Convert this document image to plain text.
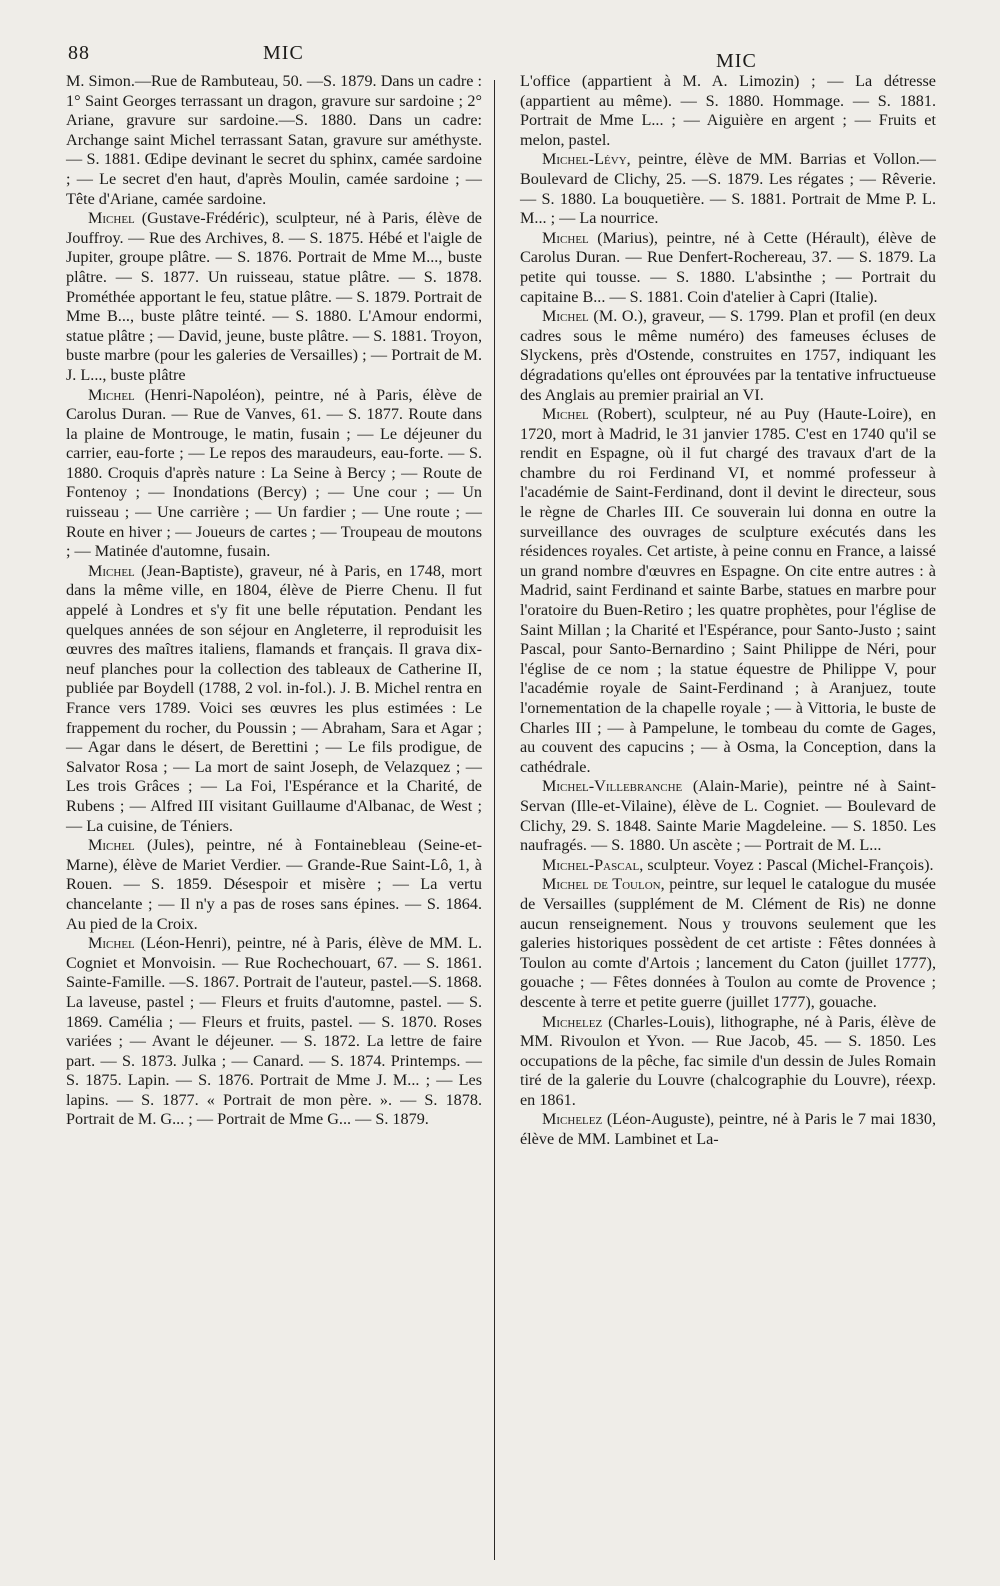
88	MIC	MIC

M. Simon.—Rue de Rambuteau, 50. —S. 1879. Dans un cadre : 1° Saint Georges terrassant un dragon, gravure sur sardoine ; 2° Ariane, gravure sur sardoine.—S. 1880. Dans un cadre: Archange saint Michel terrassant Satan, gravure sur améthyste. — S. 1881. Œdipe devinant le secret du sphinx, camée sardoine ; — Le secret d'en haut, d'après Moulin, camée sardoine ; — Tête d'Ariane, camée sardoine.

Michel (Gustave-Frédéric), sculpteur, né à Paris, élève de Jouffroy. — Rue des Archives, 8. — S. 1875. Hébé et l'aigle de Jupiter, groupe plâtre. — S. 1876. Portrait de Mme M..., buste plâtre. — S. 1877. Un ruisseau, statue plâtre. — S. 1878. Prométhée apportant le feu, statue plâtre. — S. 1879. Portrait de Mme B..., buste plâtre teinté. — S. 1880. L'Amour endormi, statue plâtre ; — David, jeune, buste plâtre. — S. 1881. Troyon, buste marbre (pour les galeries de Versailles) ; — Portrait de M. J. L..., buste plâtre

Michel (Henri-Napoléon), peintre, né à Paris, élève de Carolus Duran. — Rue de Vanves, 61. — S. 1877. Route dans la plaine de Montrouge, le matin, fusain ; — Le déjeuner du carrier, eau-forte ; — Le repos des maraudeurs, eau-forte. — S. 1880. Croquis d'après nature : La Seine à Bercy ; — Route de Fontenoy ; — Inondations (Bercy) ; — Une cour ; — Un ruisseau ; — Une carrière ; — Un fardier ; — Une route ; — Route en hiver ; — Joueurs de cartes ; — Troupeau de moutons ; — Matinée d'automne, fusain.

Michel (Jean-Baptiste), graveur, né à Paris, en 1748, mort dans la même ville, en 1804, élève de Pierre Chenu. Il fut appelé à Londres et s'y fit une belle réputation. Pendant les quelques années de son séjour en Angleterre, il reproduisit les œuvres des maîtres italiens, flamands et français. Il grava dix-neuf planches pour la collection des tableaux de Catherine II, publiée par Boydell (1788, 2 vol. in-fol.). J. B. Michel rentra en France vers 1789. Voici ses œuvres les plus estimées : Le frappement du rocher, du Poussin ; — Abraham, Sara et Agar ; — Agar dans le désert, de Berettini ; — Le fils prodigue, de Salvator Rosa ; — La mort de saint Joseph, de Velazquez ; — Les trois Grâces ; — La Foi, l'Espérance et la Charité, de Rubens ; — Alfred III visitant Guillaume d'Albanac, de West ; — La cuisine, de Téniers.

Michel (Jules), peintre, né à Fontainebleau (Seine-et-Marne), élève de Mariet Verdier. — Grande-Rue Saint-Lô, 1, à Rouen. — S. 1859. Désespoir et misère ; — La vertu chancelante ; — Il n'y a pas de roses sans épines. — S. 1864. Au pied de la Croix.

Michel (Léon-Henri), peintre, né à Paris, élève de MM. L. Cogniet et Monvoisin. — Rue Rochechouart, 67. — S. 1861. Sainte-Famille. —S. 1867. Portrait de l'auteur, pastel.—S. 1868. La laveuse, pastel ; — Fleurs et fruits d'automne, pastel. — S. 1869. Camélia ; — Fleurs et fruits, pastel. — S. 1870. Roses variées ; — Avant le déjeuner. — S. 1872. La lettre de faire part. — S. 1873. Julka ; — Canard. — S. 1874. Printemps. — S. 1875. Lapin. — S. 1876. Portrait de Mme J. M... ; — Les lapins. — S. 1877. « Portrait de mon père. ». — S. 1878. Portrait de M. G... ; — Portrait de Mme G... — S. 1879.

L'office (appartient à M. A. Limozin) ; — La détresse (appartient au même). — S. 1880. Hommage. — S. 1881. Portrait de Mme L... ; — Aiguière en argent ; — Fruits et melon, pastel.

Michel-Lévy, peintre, élève de MM. Barrias et Vollon.—Boulevard de Clichy, 25. —S. 1879. Les régates ; — Rêverie. — S. 1880. La bouquetière. — S. 1881. Portrait de Mme P. L. M... ; — La nourrice.

Michel (Marius), peintre, né à Cette (Hérault), élève de Carolus Duran. — Rue Denfert-Rochereau, 37. — S. 1879. La petite qui tousse. — S. 1880. L'absinthe ; — Portrait du capitaine B... — S. 1881. Coin d'atelier à Capri (Italie).

Michel (M. O.), graveur, — S. 1799. Plan et profil (en deux cadres sous le même numéro) des fameuses écluses de Slyckens, près d'Ostende, construites en 1757, indiquant les dégradations qu'elles ont éprouvées par la tentative infructueuse des Anglais au premier prairial an VI.

Michel (Robert), sculpteur, né au Puy (Haute-Loire), en 1720, mort à Madrid, le 31 janvier 1785. C'est en 1740 qu'il se rendit en Espagne, où il fut chargé des travaux d'art de la chambre du roi Ferdinand VI, et nommé professeur à l'académie de Saint-Ferdinand, dont il devint le directeur, sous le règne de Charles III. Ce souverain lui donna en outre la surveillance des ouvrages de sculpture exécutés dans les résidences royales. Cet artiste, à peine connu en France, a laissé un grand nombre d'œuvres en Espagne. On cite entre autres : à Madrid, saint Ferdinand et sainte Barbe, statues en marbre pour l'oratoire du Buen-Retiro ; les quatre prophètes, pour l'église de Saint Millan ; la Charité et l'Espérance, pour Santo-Justo ; saint Pascal, pour Santo-Bernardino ; Saint Philippe de Néri, pour l'église de ce nom ; la statue équestre de Philippe V, pour l'académie royale de Saint-Ferdinand ; à Aranjuez, toute l'ornementation de la chapelle royale ; — à Vittoria, le buste de Charles III ; — à Pampelune, le tombeau du comte de Gages, au couvent des capucins ; — à Osma, la Conception, dans la cathédrale.

Michel-Villebranche (Alain-Marie), peintre né à Saint-Servan (Ille-et-Vilaine), élève de L. Cogniet. — Boulevard de Clichy, 29. S. 1848. Sainte Marie Magdeleine. — S. 1850. Les naufragés. — S. 1880. Un ascète ; — Portrait de M. L...

Michel-Pascal, sculpteur. Voyez : Pascal (Michel-François).

Michel de Toulon, peintre, sur lequel le catalogue du musée de Versailles (supplément de M. Clément de Ris) ne donne aucun renseignement. Nous y trouvons seulement que les galeries historiques possèdent de cet artiste : Fêtes données à Toulon au comte d'Artois ; lancement du Caton (juillet 1777), gouache ; — Fêtes données à Toulon au comte de Provence ; descente à terre et petite guerre (juillet 1777), gouache.

Michelez (Charles-Louis), lithographe, né à Paris, élève de MM. Rivoulon et Yvon. — Rue Jacob, 45. — S. 1850. Les occupations de la pêche, fac simile d'un dessin de Jules Romain tiré de la galerie du Louvre (chalcographie du Louvre), réexp. en 1861.

Michelez (Léon-Auguste), peintre, né à Paris le 7 mai 1830, élève de MM. Lambinet et La-
